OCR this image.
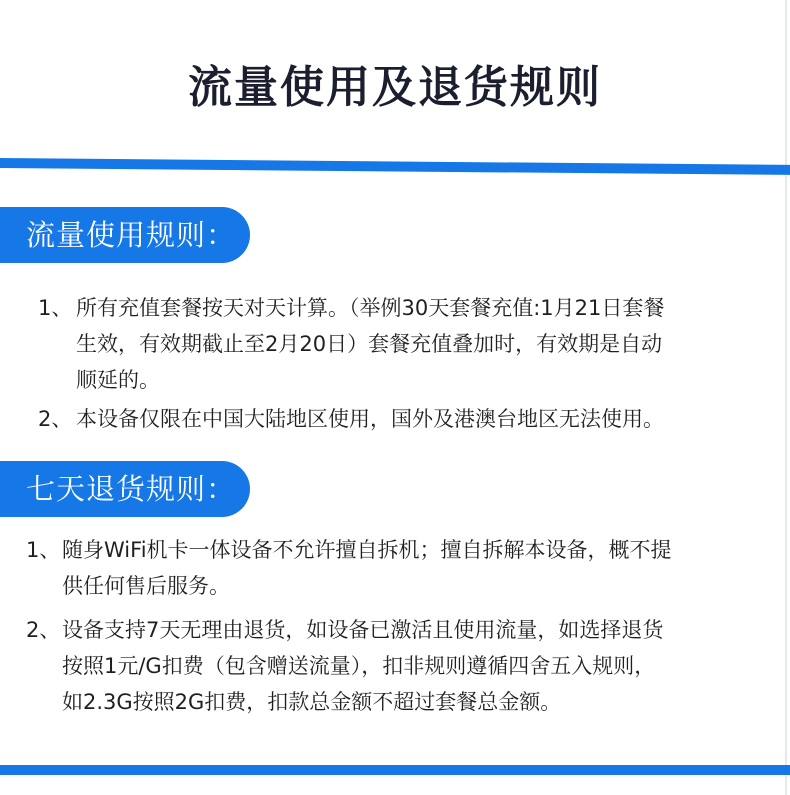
流量使用及退货规则
流量使用规则：
1、 所有充值套餐按天对天计算。（举例30天套餐充值:1月21日套餐
生效，有效期截止至2月20日）套餐充值叠加时，有效期是自动
顺延的。
2、 本设备仅限在中国大陆地区使用，国外及港澳台地区无法使用。
七天退货规则：
1、 随身WiFi机卡一体设备不允许擅自拆机；擅自拆解本设备，概不提
供任何售后服务。
2、 设备支持7天无理由退货，如设备已激活且使用流量，如选择退货
按照1元/G扣费（包含赠送流量），扣非规则遵循四舍五入规则，
如2.3G按照2G扣费，扣款总金额不超过套餐总金额。
